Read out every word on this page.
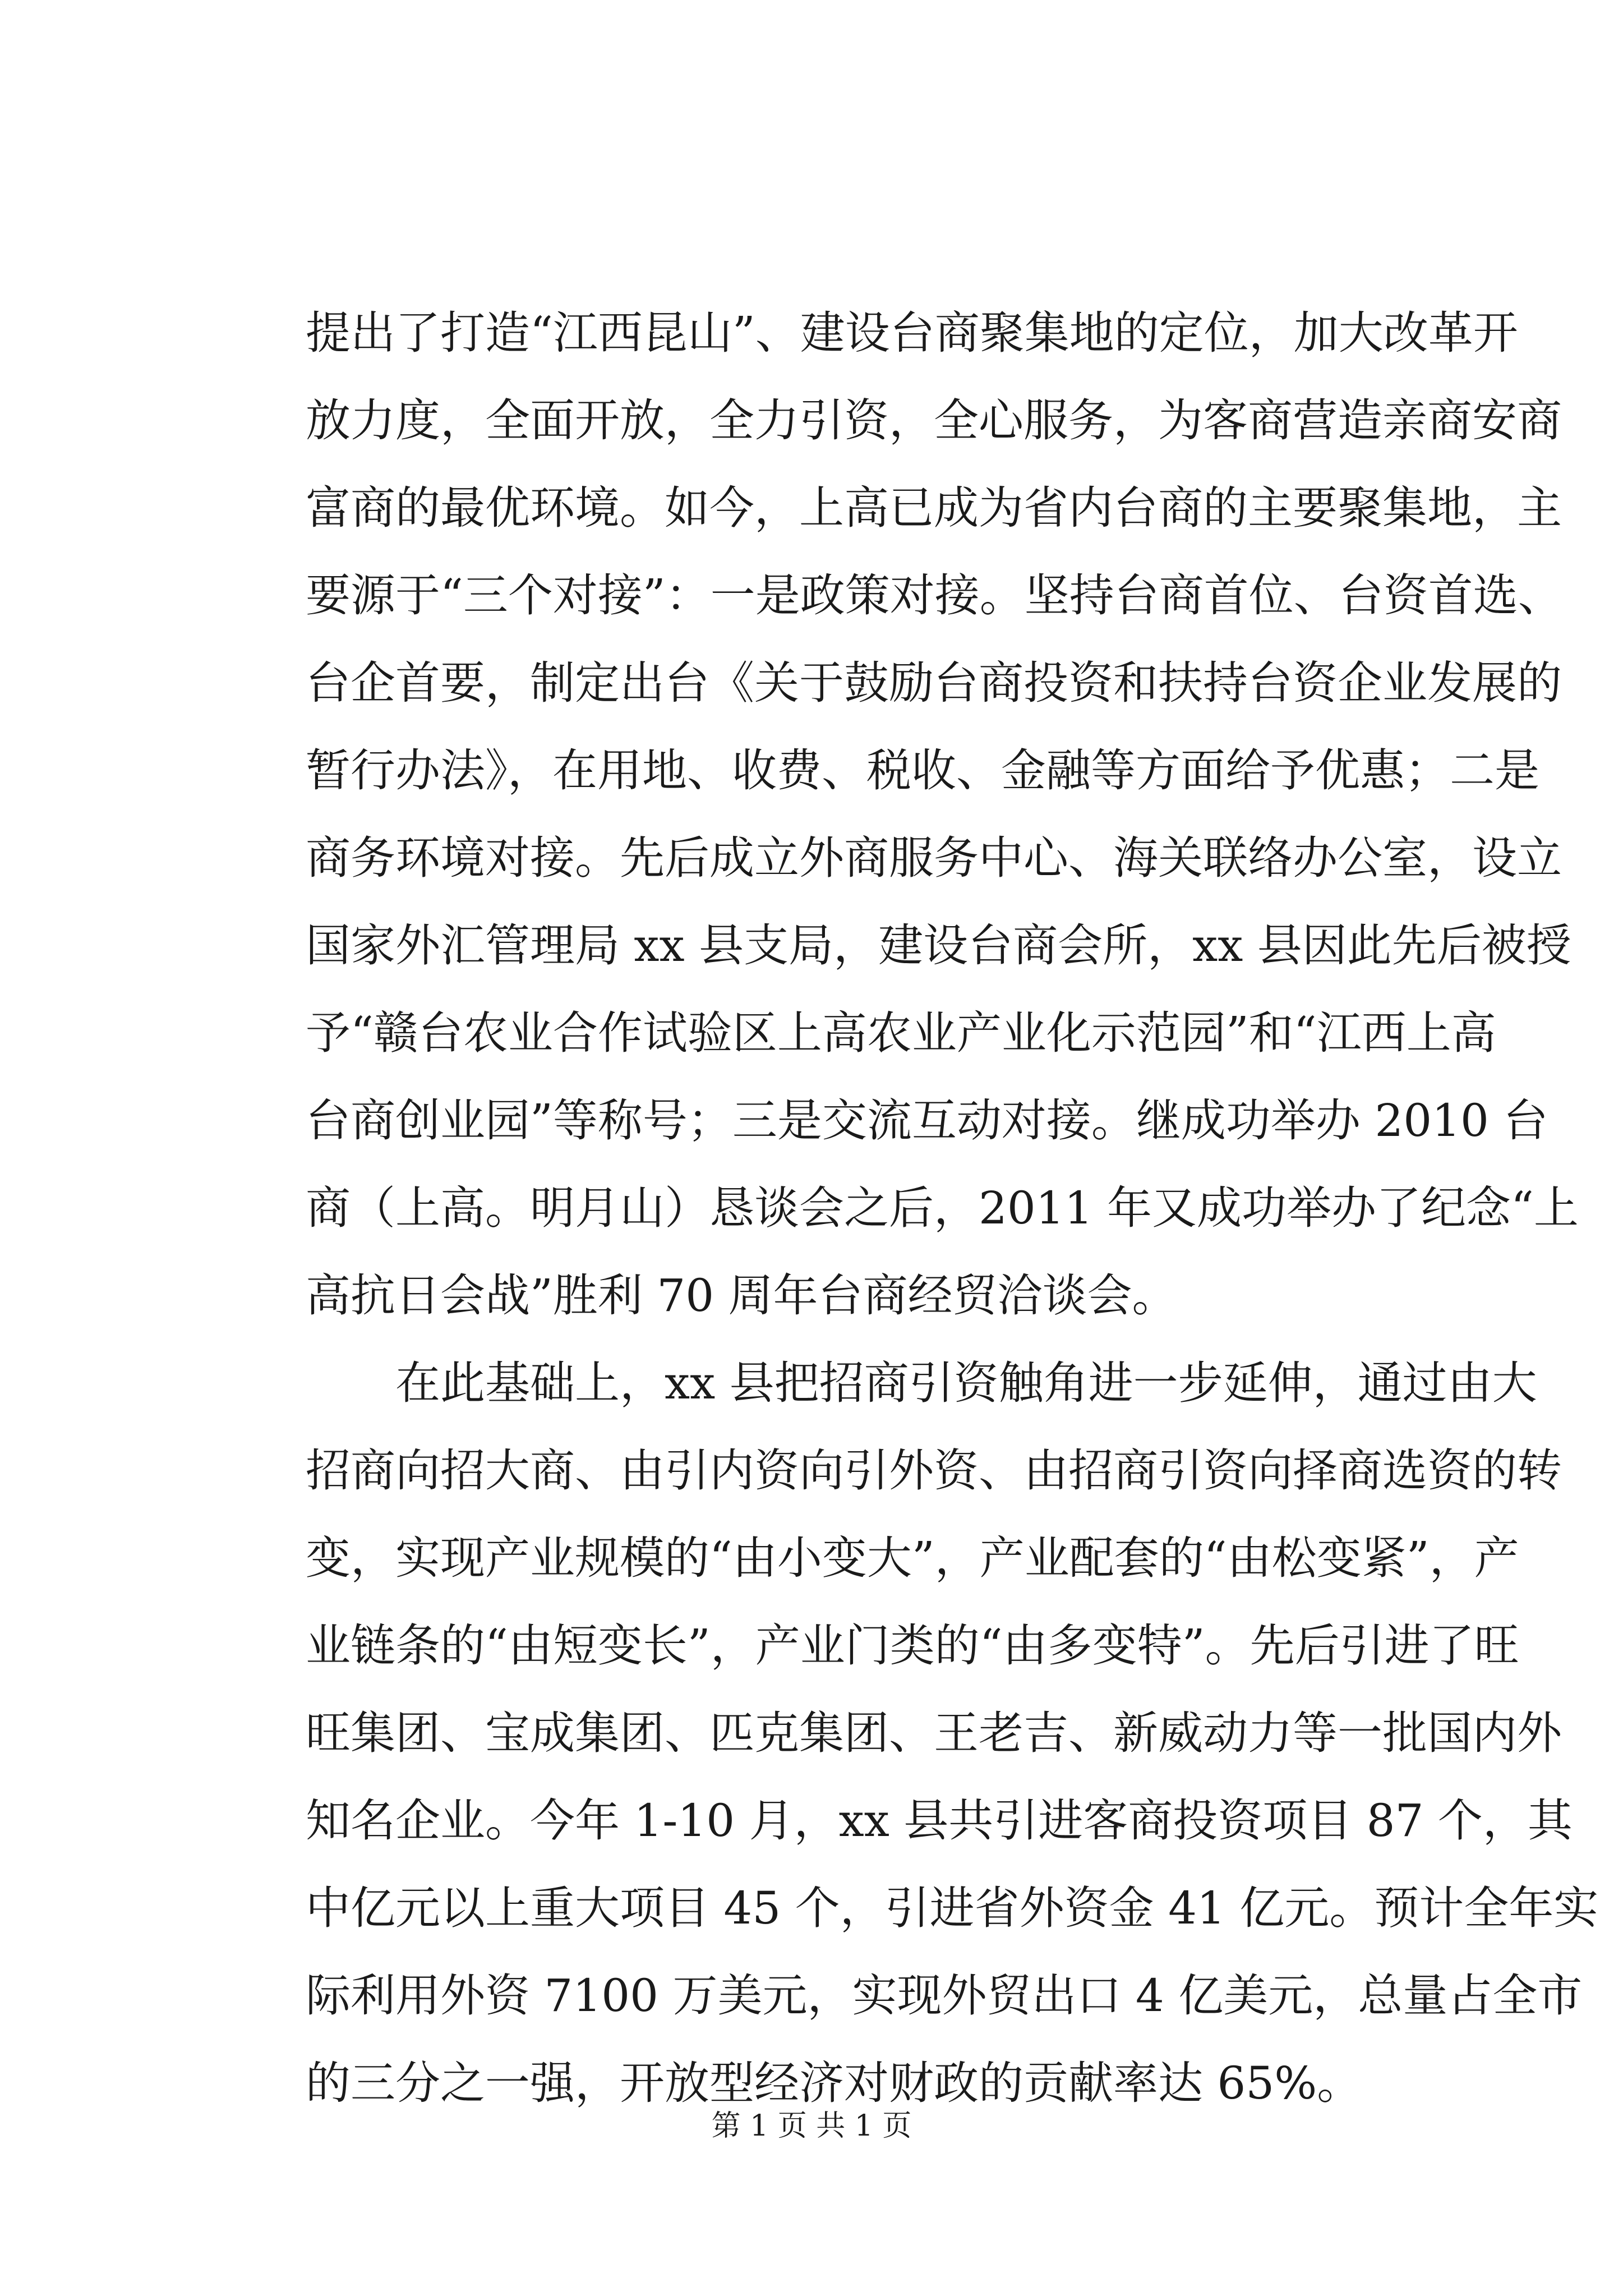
提出了打造“江西昆山”、建设台商聚集地的定位，加大改革开
放力度，全面开放，全力引资，全心服务，为客商营造亲商安商
富商的最优环境。如今，上高已成为省内台商的主要聚集地，主
要源于“三个对接”：一是政策对接。坚持台商首位、台资首选、
台企首要，制定出台《关于鼓励台商投资和扶持台资企业发展的
暂行办法》，在用地、收费、税收、金融等方面给予优惠；二是
商务环境对接。先后成立外商服务中心、海关联络办公室，设立
国家外汇管理局 xx 县支局，建设台商会所，xx 县因此先后被授
予“赣台农业合作试验区上高农业产业化示范园”和“江西上高
台商创业园”等称号；三是交流互动对接。继成功举办 2010 台
商（上高。明月山）恳谈会之后，2011 年又成功举办了纪念“上
高抗日会战”胜利 70 周年台商经贸洽谈会。
　　在此基础上，xx 县把招商引资触角进一步延伸，通过由大
招商向招大商、由引内资向引外资、由招商引资向择商选资的转
变，实现产业规模的“由小变大”，产业配套的“由松变紧”，产
业链条的“由短变长”，产业门类的“由多变特”。先后引进了旺
旺集团、宝成集团、匹克集团、王老吉、新威动力等一批国内外
知名企业。今年 1-10 月，xx 县共引进客商投资项目 87 个，其
中亿元以上重大项目 45 个，引进省外资金 41 亿元。预计全年实
际利用外资 7100 万美元，实现外贸出口 4 亿美元，总量占全市
的三分之一强，开放型经济对财政的贡献率达 65%。
第 1 页 共 1 页
